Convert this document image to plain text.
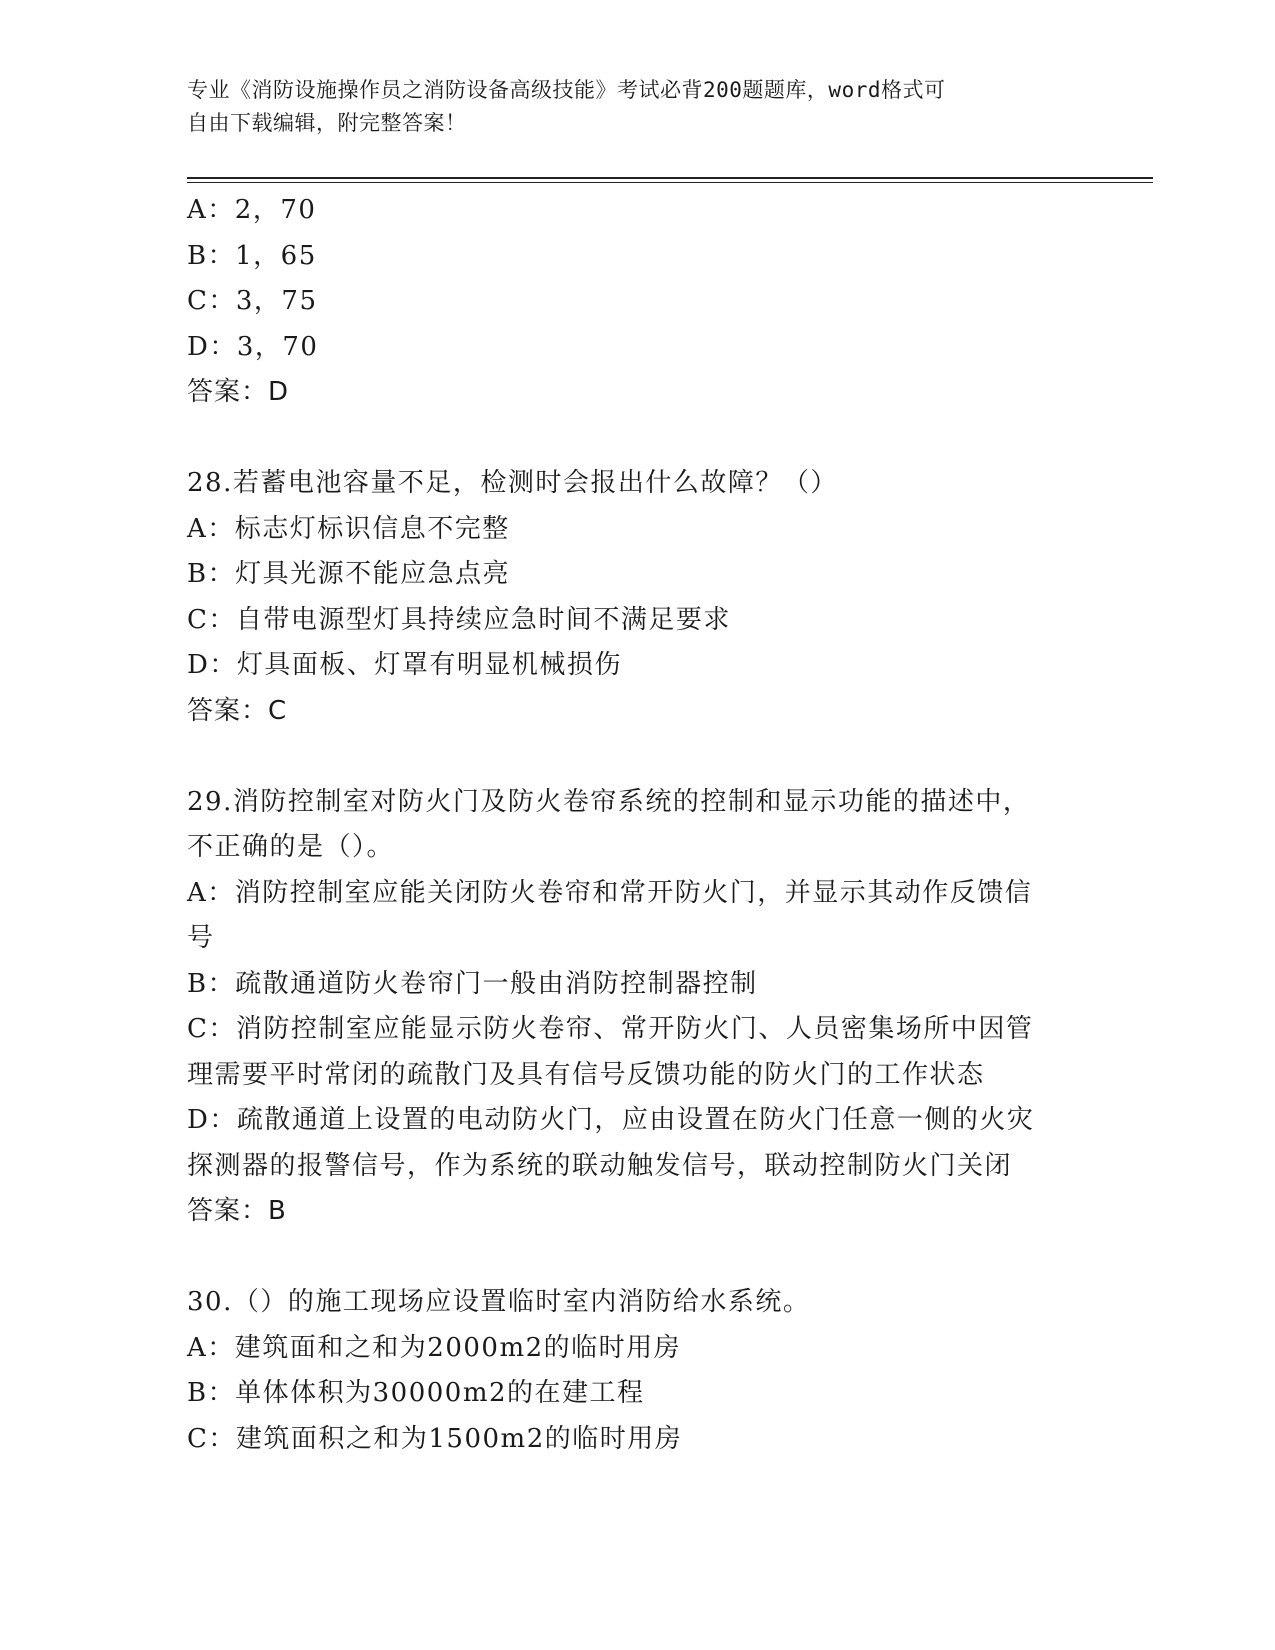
专业《消防设施操作员之消防设备高级技能》考试必背200题题库，word格式可
自由下载编辑，附完整答案！
A：2，70
B：1，65
C：3，75
D：3，70
答案：D
28.若蓄电池容量不足，检测时会报出什么故障？（）
A：标志灯标识信息不完整
B：灯具光源不能应急点亮
C：自带电源型灯具持续应急时间不满足要求
D：灯具面板、灯罩有明显机械损伤
答案：C
29.消防控制室对防火门及防火卷帘系统的控制和显示功能的描述中，
不正确的是（）。
A：消防控制室应能关闭防火卷帘和常开防火门，并显示其动作反馈信
号
B：疏散通道防火卷帘门一般由消防控制器控制
C：消防控制室应能显示防火卷帘、常开防火门、人员密集场所中因管
理需要平时常闭的疏散门及具有信号反馈功能的防火门的工作状态
D：疏散通道上设置的电动防火门，应由设置在防火门任意一侧的火灾
探测器的报警信号，作为系统的联动触发信号，联动控制防火门关闭
答案：B
30.（）的施工现场应设置临时室内消防给水系统。
A：建筑面和之和为2000m2的临时用房
B：单体体积为30000m2的在建工程
C：建筑面积之和为1500m2的临时用房
